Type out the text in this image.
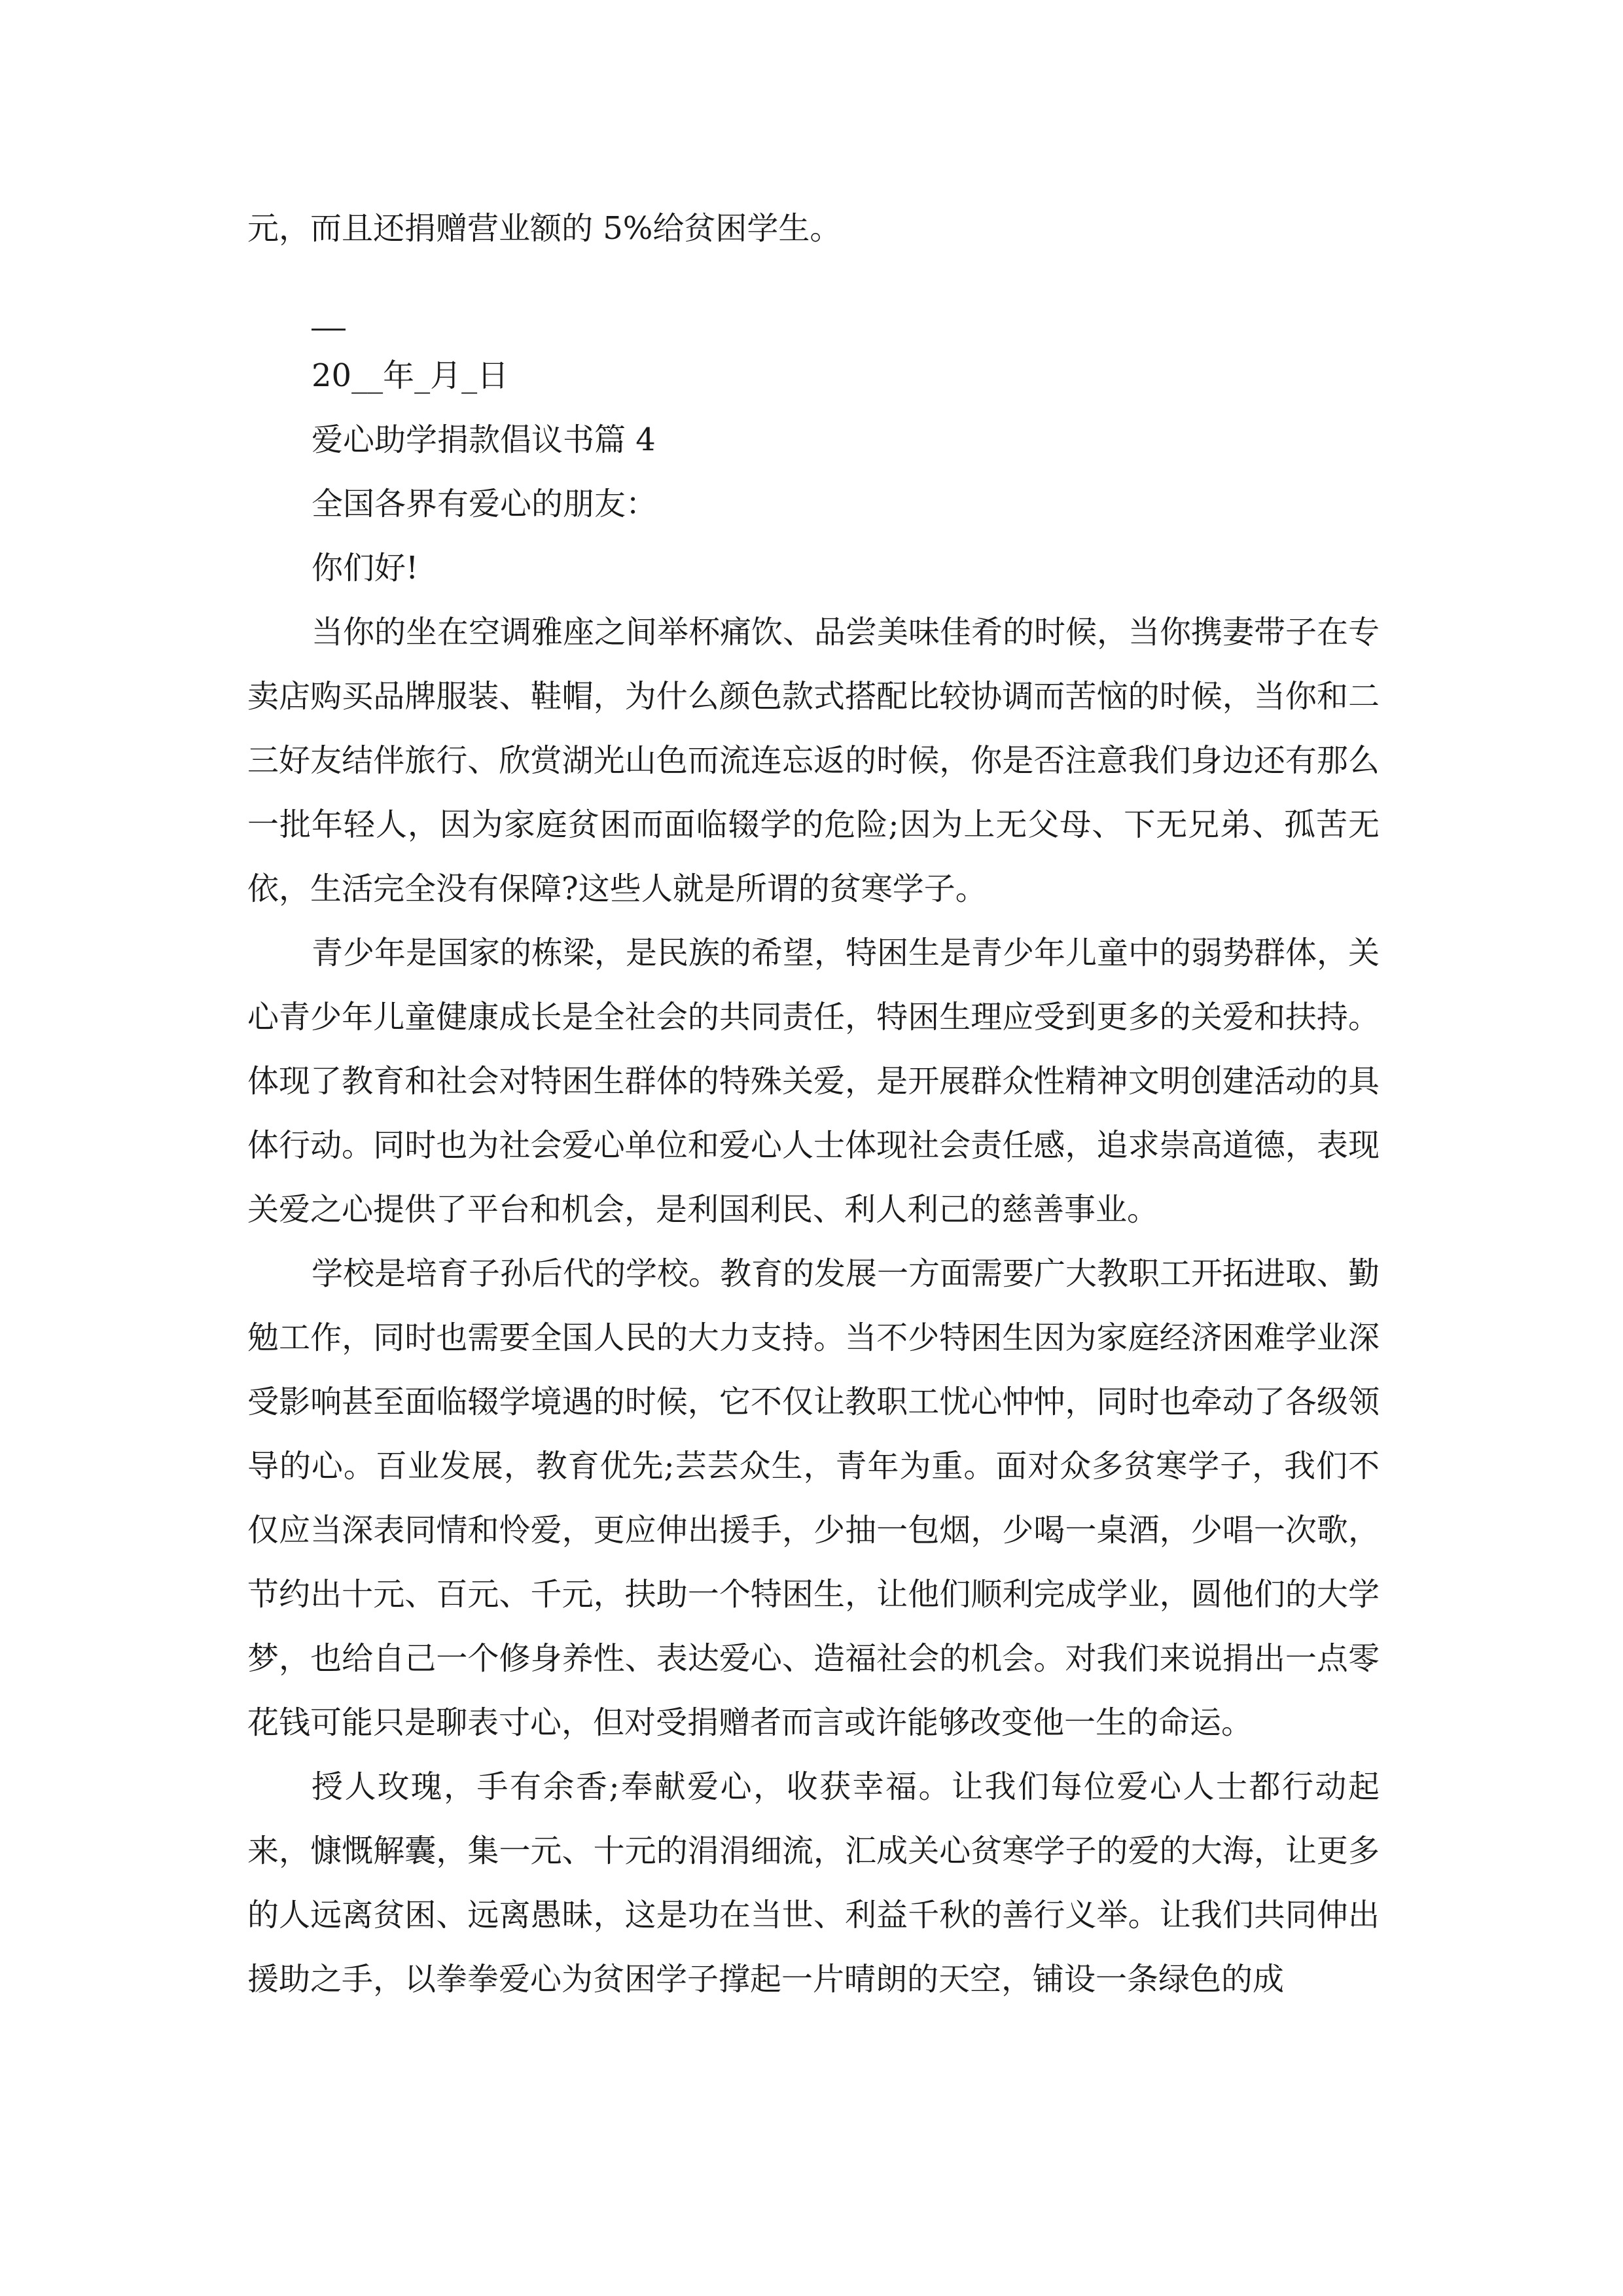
元，而且还捐赠营业额的 5%给贫困学生。

20__年_月_日

爱心助学捐款倡议书篇 4

全国各界有爱心的朋友：

你们好!

当你的坐在空调雅座之间举杯痛饮、品尝美味佳肴的时候，当你携妻带子在专卖店购买品牌服装、鞋帽，为什么颜色款式搭配比较协调而苦恼的时候，当你和二三好友结伴旅行、欣赏湖光山色而流连忘返的时候，你是否注意我们身边还有那么一批年轻人，因为家庭贫困而面临辍学的危险;因为上无父母、下无兄弟、孤苦无依，生活完全没有保障?这些人就是所谓的贫寒学子。

青少年是国家的栋梁，是民族的希望，特困生是青少年儿童中的弱势群体，关心青少年儿童健康成长是全社会的共同责任，特困生理应受到更多的关爱和扶持。体现了教育和社会对特困生群体的特殊关爱，是开展群众性精神文明创建活动的具体行动。同时也为社会爱心单位和爱心人士体现社会责任感，追求崇高道德，表现关爱之心提供了平台和机会，是利国利民、利人利己的慈善事业。

学校是培育子孙后代的学校。教育的发展一方面需要广大教职工开拓进取、勤勉工作，同时也需要全国人民的大力支持。当不少特困生因为家庭经济困难学业深受影响甚至面临辍学境遇的时候，它不仅让教职工忧心忡忡，同时也牵动了各级领导的心。百业发展，教育优先;芸芸众生，青年为重。面对众多贫寒学子，我们不仅应当深表同情和怜爱，更应伸出援手，少抽一包烟，少喝一桌酒，少唱一次歌，节约出十元、百元、千元，扶助一个特困生，让他们顺利完成学业，圆他们的大学梦，也给自己一个修身养性、表达爱心、造福社会的机会。对我们来说捐出一点零花钱可能只是聊表寸心，但对受捐赠者而言或许能够改变他一生的命运。

授人玫瑰，手有余香;奉献爱心，收获幸福。让我们每位爱心人士都行动起来，慷慨解囊，集一元、十元的涓涓细流，汇成关心贫寒学子的爱的大海，让更多的人远离贫困、远离愚昧，这是功在当世、利益千秋的善行义举。让我们共同伸出援助之手，以拳拳爱心为贫困学子撑起一片晴朗的天空，铺设一条绿色的成
